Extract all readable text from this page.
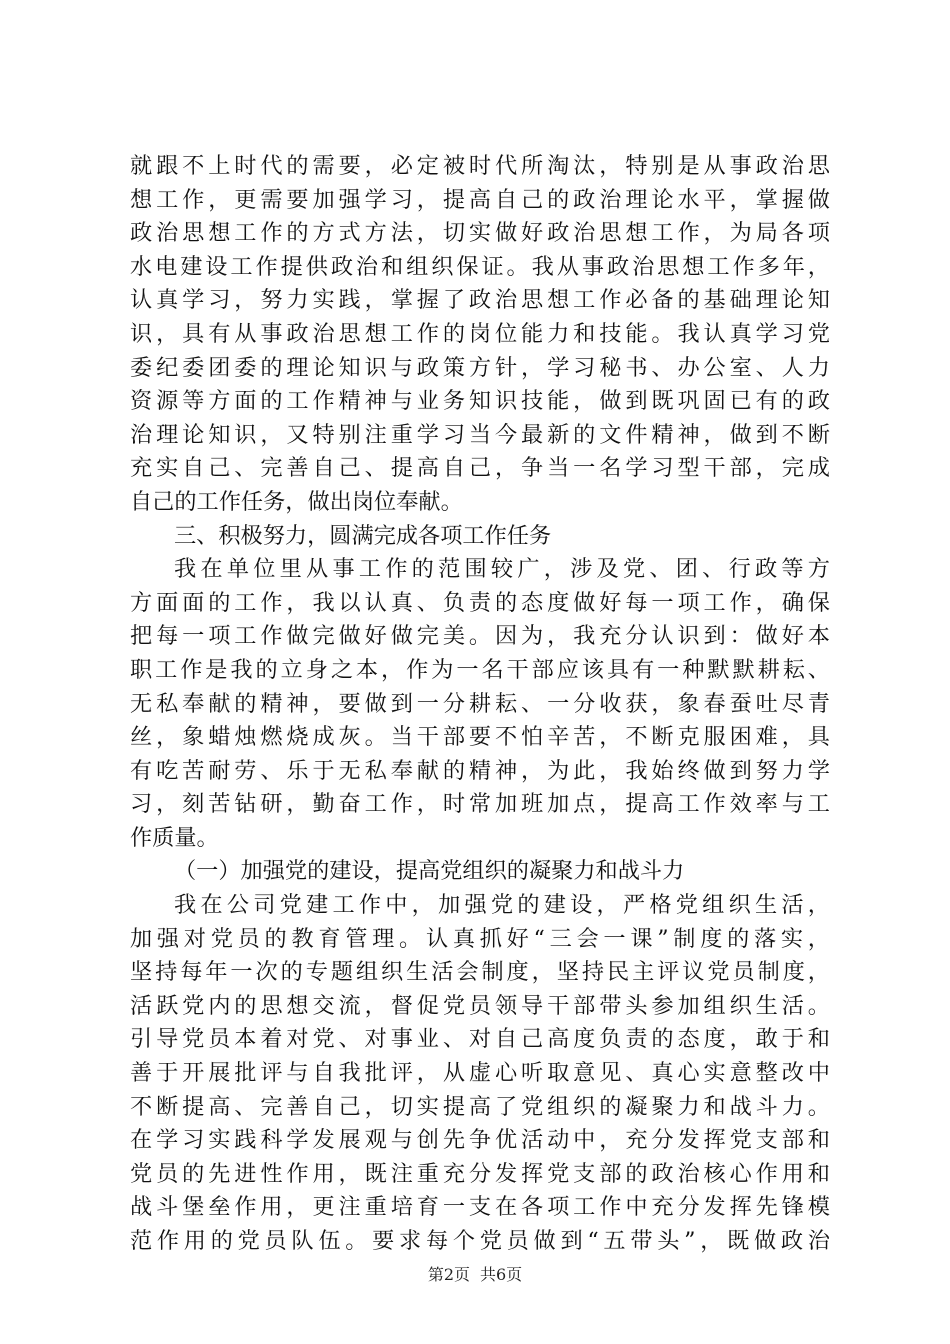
就跟不上时代的需要，必定被时代所淘汰，特别是从事政治思
想工作，更需要加强学习，提高自己的政治理论水平，掌握做
政治思想工作的方式方法，切实做好政治思想工作，为局各项
水电建设工作提供政治和组织保证。我从事政治思想工作多年，
认真学习，努力实践，掌握了政治思想工作必备的基础理论知
识，具有从事政治思想工作的岗位能力和技能。我认真学习党
委纪委团委的理论知识与政策方针，学习秘书、办公室、人力
资源等方面的工作精神与业务知识技能，做到既巩固已有的政
治理论知识，又特别注重学习当今最新的文件精神，做到不断
充实自己、完善自己、提高自己，争当一名学习型干部，完成
自己的工作任务，做出岗位奉献。
三、积极努力，圆满完成各项工作任务
我在单位里从事工作的范围较广，涉及党、团、行政等方
方面面的工作，我以认真、负责的态度做好每一项工作，确保
把每一项工作做完做好做完美。因为，我充分认识到：做好本
职工作是我的立身之本，作为一名干部应该具有一种默默耕耘、
无私奉献的精神，要做到一分耕耘、一分收获，象春蚕吐尽青
丝，象蜡烛燃烧成灰。当干部要不怕辛苦，不断克服困难，具
有吃苦耐劳、乐于无私奉献的精神，为此，我始终做到努力学
习，刻苦钻研，勤奋工作，时常加班加点，提高工作效率与工
作质量。
（一）加强党的建设，提高党组织的凝聚力和战斗力
我在公司党建工作中，加强党的建设，严格党组织生活，
加强对党员的教育管理。认真抓好“三会一课”制度的落实，
坚持每年一次的专题组织生活会制度，坚持民主评议党员制度，
活跃党内的思想交流，督促党员领导干部带头参加组织生活。
引导党员本着对党、对事业、对自己高度负责的态度，敢于和
善于开展批评与自我批评，从虚心听取意见、真心实意整改中
不断提高、完善自己，切实提高了党组织的凝聚力和战斗力。
在学习实践科学发展观与创先争优活动中，充分发挥党支部和
党员的先进性作用，既注重充分发挥党支部的政治核心作用和
战斗堡垒作用，更注重培育一支在各项工作中充分发挥先锋模
范作用的党员队伍。要求每个党员做到“五带头”，既做政治
第2页 共6页
